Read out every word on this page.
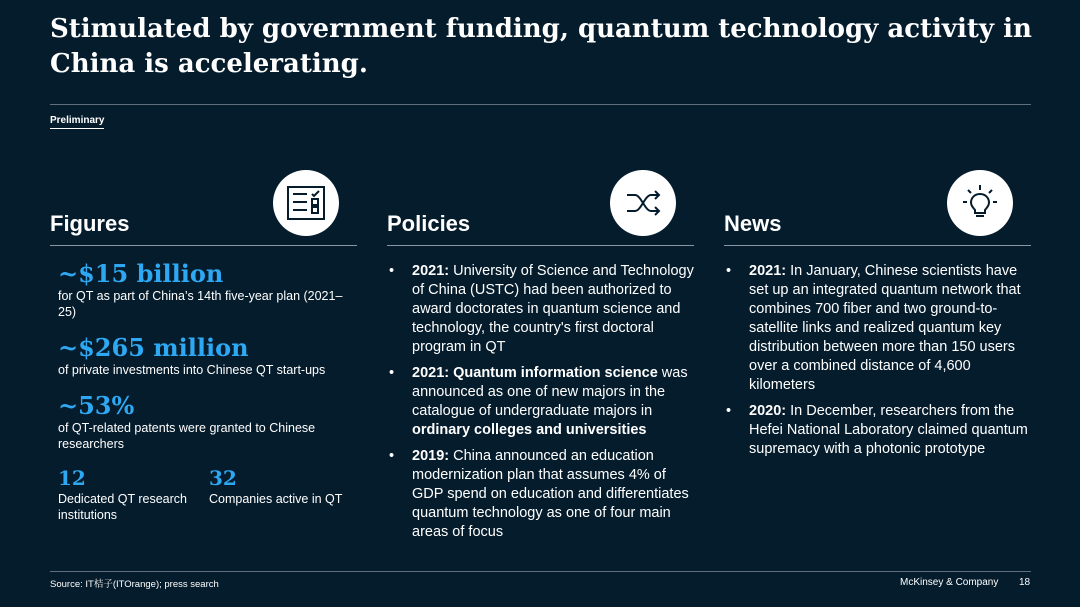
Stimulated by government funding, quantum technology activity in China is accelerating.
Preliminary
Figures
~$15 billion
for QT as part of China’s 14th five-year plan (2021–25)
~$265 million
of private investments into Chinese QT start-ups
~53%
of QT-related patents were granted to Chinese researchers
12
Dedicated QT research institutions
32
Companies active in QT
Policies
• 2021: University of Science and Technology of China (USTC) had been authorized to award doctorates in quantum science and technology, the country's first doctoral program in QT
• 2021: Quantum information science was announced as one of new majors in the catalogue of undergraduate majors in ordinary colleges and universities
• 2019: China announced an education modernization plan that assumes 4% of GDP spend on education and differentiates quantum technology as one of four main areas of focus
News
• 2021: In January, Chinese scientists have set up an integrated quantum network that combines 700 fiber and two ground-to-satellite links and realized quantum key distribution between more than 150 users over a combined distance of 4,600 kilometers
• 2020: In December, researchers from the Hefei National Laboratory claimed quantum supremacy with a photonic prototype
Source: IT桔子(ITOrange); press search	McKinsey & Company 18
